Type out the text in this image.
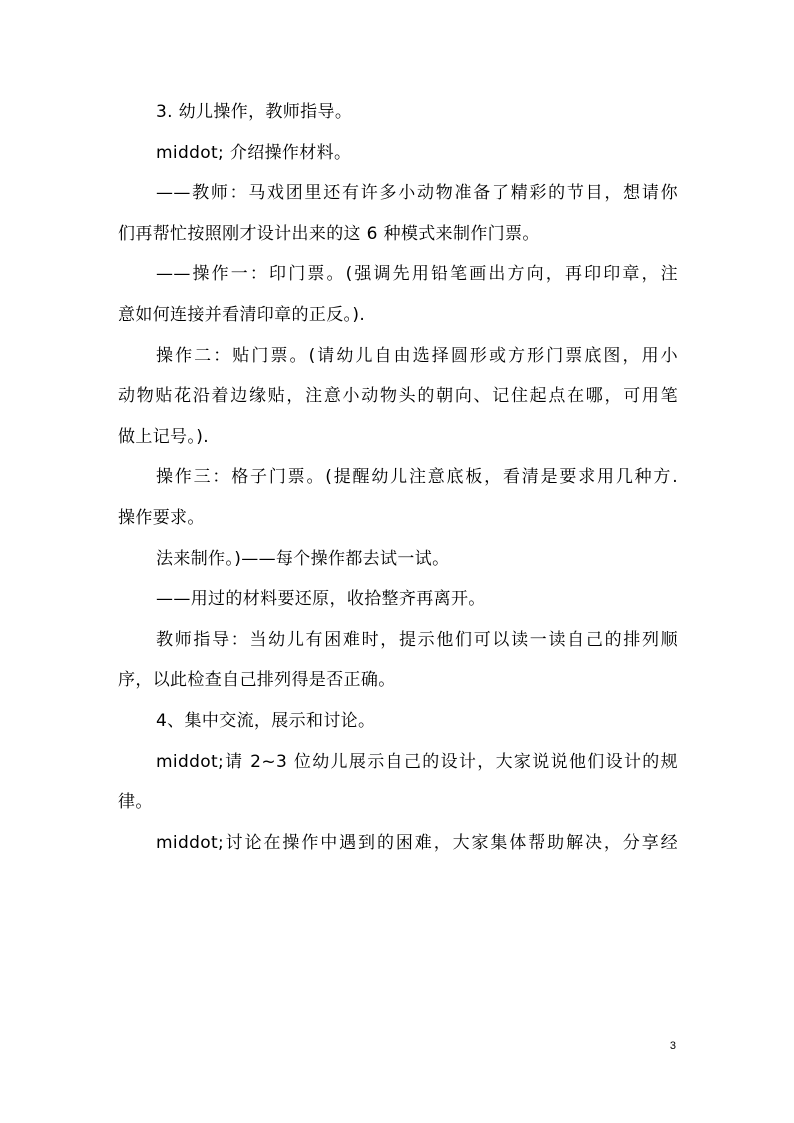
3. 幼儿操作，教师指导。
middot; 介绍操作材料。
——教师：马戏团里还有许多小动物准备了精彩的节目，想请你
们再帮忙按照刚才设计出来的这 6 种模式来制作门票。
——操作一：印门票。(强调先用铅笔画出方向，再印印章，注
意如何连接并看清印章的正反。).
操作二：贴门票。(请幼儿自由选择圆形或方形门票底图，用小
动物贴花沿着边缘贴，注意小动物头的朝向、记住起点在哪，可用笔
做上记号。).
操作三：格子门票。(提醒幼儿注意底板，看清是要求用几种方.
操作要求。
法来制作。)——每个操作都去试一试。
——用过的材料要还原，收拾整齐再离开。
教师指导：当幼儿有困难时，提示他们可以读一读自己的排列顺
序，以此检查自己排列得是否正确。
4、集中交流，展示和讨论。
middot;请 2~3 位幼儿展示自己的设计，大家说说他们设计的规
律。
middot;讨论在操作中遇到的困难，大家集体帮助解决，分享经
3
